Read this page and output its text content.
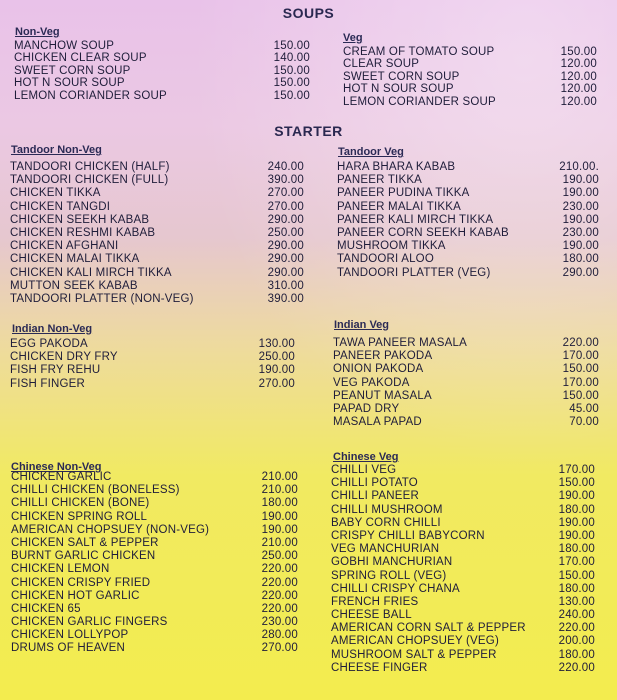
SOUPS
Non-Veg
MANCHOW SOUP	150.00
CHICKEN CLEAR SOUP	140.00
SWEET CORN SOUP	150.00
HOT N SOUR SOUP	150.00
LEMON CORIANDER SOUP	150.00
Veg
CREAM OF TOMATO SOUP	150.00
CLEAR SOUP	120.00
SWEET CORN SOUP	120.00
HOT N SOUR SOUP	120.00
LEMON CORIANDER SOUP	120.00
STARTER
Tandoor Non-Veg
TANDOORI CHICKEN (HALF)	240.00
TANDOORI CHICKEN (FULL)	390.00
CHICKEN TIKKA	270.00
CHICKEN TANGDI	270.00
CHICKEN SEEKH KABAB	290.00
CHICKEN RESHMI KABAB	250.00
CHICKEN AFGHANI	290.00
CHICKEN MALAI TIKKA	290.00
CHICKEN KALI MIRCH TIKKA	290.00
MUTTON SEEK KABAB	310.00
TANDOORI PLATTER (NON-VEG)	390.00
Tandoor Veg
HARA BHARA KABAB	210.00.
PANEER TIKKA	190.00
PANEER PUDINA TIKKA	190.00
PANEER MALAI TIKKA	230.00
PANEER KALI MIRCH TIKKA	190.00
PANEER CORN SEEKH KABAB	230.00
MUSHROOM TIKKA	190.00
TANDOORI ALOO	180.00
TANDOORI PLATTER (VEG)	290.00
Indian Non-Veg
EGG PAKODA	130.00
CHICKEN DRY FRY	250.00
FISH FRY REHU	190.00
FISH FINGER	270.00
Indian Veg
TAWA PANEER MASALA	220.00
PANEER PAKODA	170.00
ONION PAKODA	150.00
VEG PAKODA	170.00
PEANUT MASALA	150.00
PAPAD DRY	45.00
MASALA PAPAD	70.00
Chinese Non-Veg
CHICKEN GARLIC	210.00
CHILLI CHICKEN (BONELESS)	210.00
CHILLI CHICKEN (BONE)	180.00
CHICKEN SPRING ROLL	190.00
AMERICAN CHOPSUEY (NON-VEG)	190.00
CHICKEN SALT & PEPPER	210.00
BURNT GARLIC CHICKEN	250.00
CHICKEN LEMON	220.00
CHICKEN CRISPY FRIED	220.00
CHICKEN HOT GARLIC	220.00
CHICKEN 65	220.00
CHICKEN GARLIC FINGERS	230.00
CHICKEN LOLLYPOP	280.00
DRUMS OF HEAVEN	270.00
Chinese Veg
CHILLI VEG	170.00
CHILLI POTATO	150.00
CHILLI PANEER	190.00
CHILLI MUSHROOM	180.00
BABY CORN CHILLI	190.00
CRISPY CHILLI BABYCORN	190.00
VEG MANCHURIAN	180.00
GOBHI MANCHURIAN	170.00
SPRING ROLL (VEG)	150.00
CHILLI CRISPY CHANA	180.00
FRENCH FRIES	130.00
CHEESE BALL	240.00
AMERICAN CORN SALT & PEPPER	220.00
AMERICAN CHOPSUEY (VEG)	200.00
MUSHROOM SALT & PEPPER	180.00
CHEESE FINGER	220.00
